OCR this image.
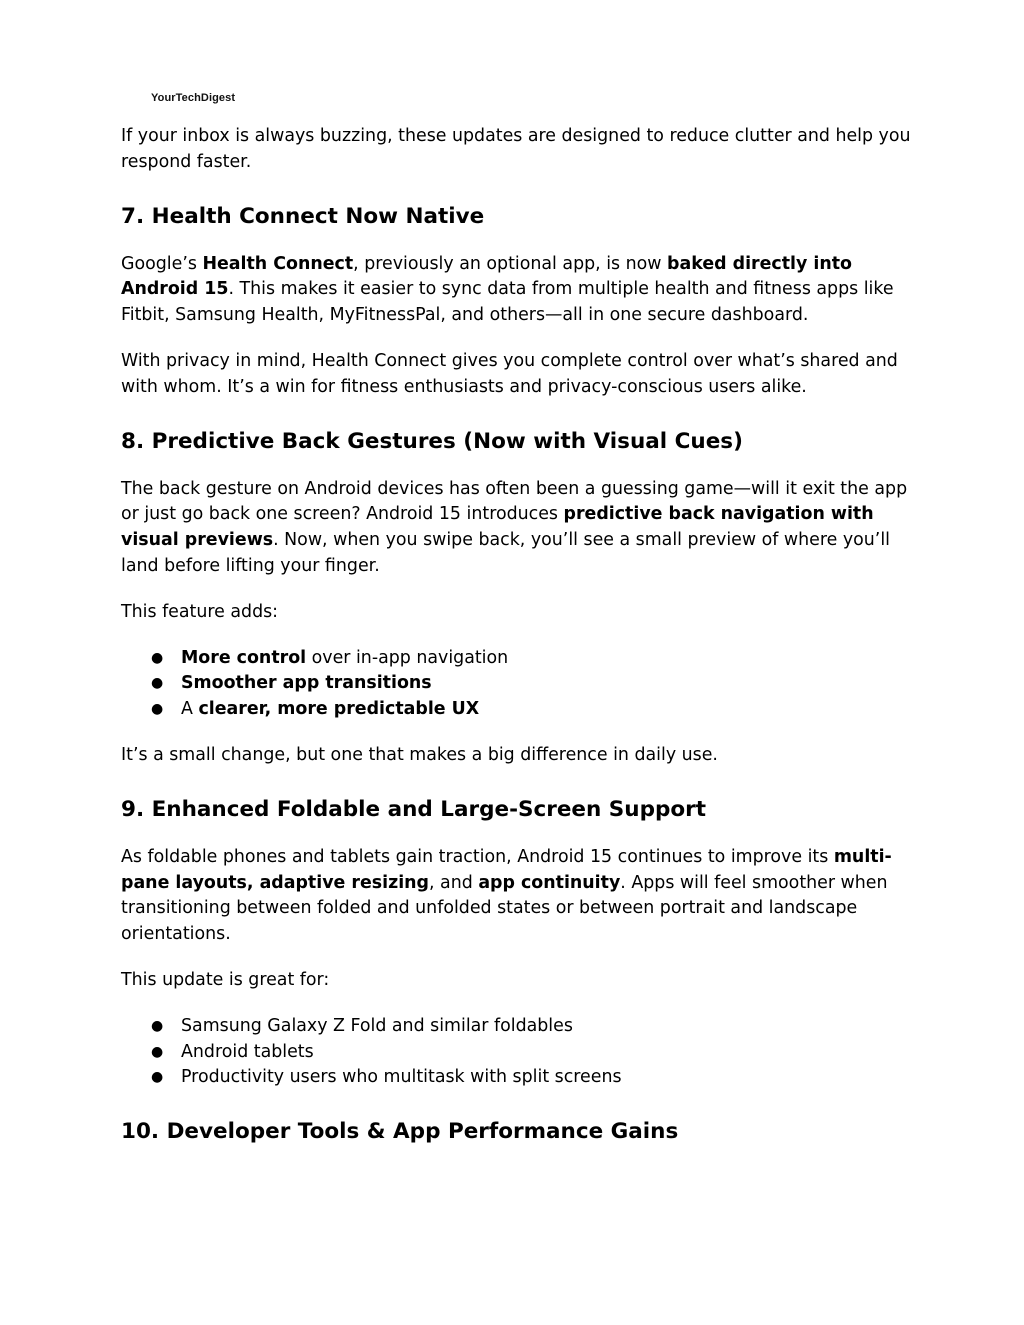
YourTechDigest

If your inbox is always buzzing, these updates are designed to reduce clutter and help you respond faster.

7. Health Connect Now Native

Google’s Health Connect, previously an optional app, is now baked directly into Android 15. This makes it easier to sync data from multiple health and fitness apps like Fitbit, Samsung Health, MyFitnessPal, and others—all in one secure dashboard.

With privacy in mind, Health Connect gives you complete control over what’s shared and with whom. It’s a win for fitness enthusiasts and privacy-conscious users alike.

8. Predictive Back Gestures (Now with Visual Cues)

The back gesture on Android devices has often been a guessing game—will it exit the app or just go back one screen? Android 15 introduces predictive back navigation with visual previews. Now, when you swipe back, you’ll see a small preview of where you’ll land before lifting your finger.

This feature adds:

● More control over in-app navigation
● Smoother app transitions
● A clearer, more predictable UX

It’s a small change, but one that makes a big difference in daily use.

9. Enhanced Foldable and Large-Screen Support

As foldable phones and tablets gain traction, Android 15 continues to improve its multi-pane layouts, adaptive resizing, and app continuity. Apps will feel smoother when transitioning between folded and unfolded states or between portrait and landscape orientations.

This update is great for:

● Samsung Galaxy Z Fold and similar foldables
● Android tablets
● Productivity users who multitask with split screens
10. Developer Tools & App Performance Gains
